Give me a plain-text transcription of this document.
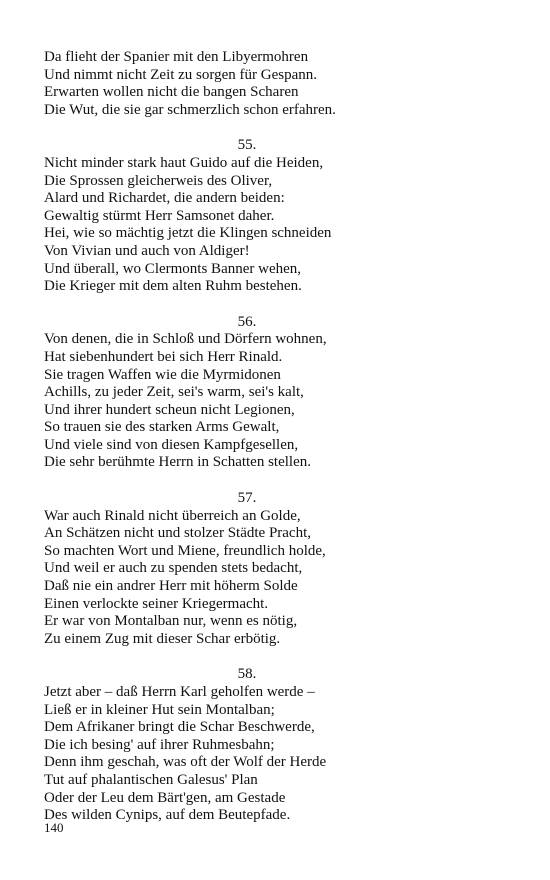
Da flieht der Spanier mit den Libyermohren
Und nimmt nicht Zeit zu sorgen für Gespann.
Erwarten wollen nicht die bangen Scharen
Die Wut, die sie gar schmerzlich schon erfahren.
55.
Nicht minder stark haut Guido auf die Heiden,
Die Sprossen gleicherweis des Oliver,
Alard und Richardet, die andern beiden:
Gewaltig stürmt Herr Samsonet daher.
Hei, wie so mächtig jetzt die Klingen schneiden
Von Vivian und auch von Aldiger!
Und überall, wo Clermonts Banner wehen,
Die Krieger mit dem alten Ruhm bestehen.
56.
Von denen, die in Schloß und Dörfern wohnen,
Hat siebenhundert bei sich Herr Rinald.
Sie tragen Waffen wie die Myrmidonen
Achills, zu jeder Zeit, sei's warm, sei's kalt,
Und ihrer hundert scheun nicht Legionen,
So trauen sie des starken Arms Gewalt,
Und viele sind von diesen Kampfgesellen,
Die sehr berühmte Herrn in Schatten stellen.
57.
War auch Rinald nicht überreich an Golde,
An Schätzen nicht und stolzer Städte Pracht,
So machten Wort und Miene, freundlich holde,
Und weil er auch zu spenden stets bedacht,
Daß nie ein andrer Herr mit höherm Solde
Einen verlockte seiner Kriegermacht.
Er war von Montalban nur, wenn es nötig,
Zu einem Zug mit dieser Schar erbötig.
58.
Jetzt aber – daß Herrn Karl geholfen werde –
Ließ er in kleiner Hut sein Montalban;
Dem Afrikaner bringt die Schar Beschwerde,
Die ich besing' auf ihrer Ruhmesbahn;
Denn ihm geschah, was oft der Wolf der Herde
Tut auf phalantischen Galesus' Plan
Oder der Leu dem Bärt'gen, am Gestade
Des wilden Cynips, auf dem Beutepfade.
140
